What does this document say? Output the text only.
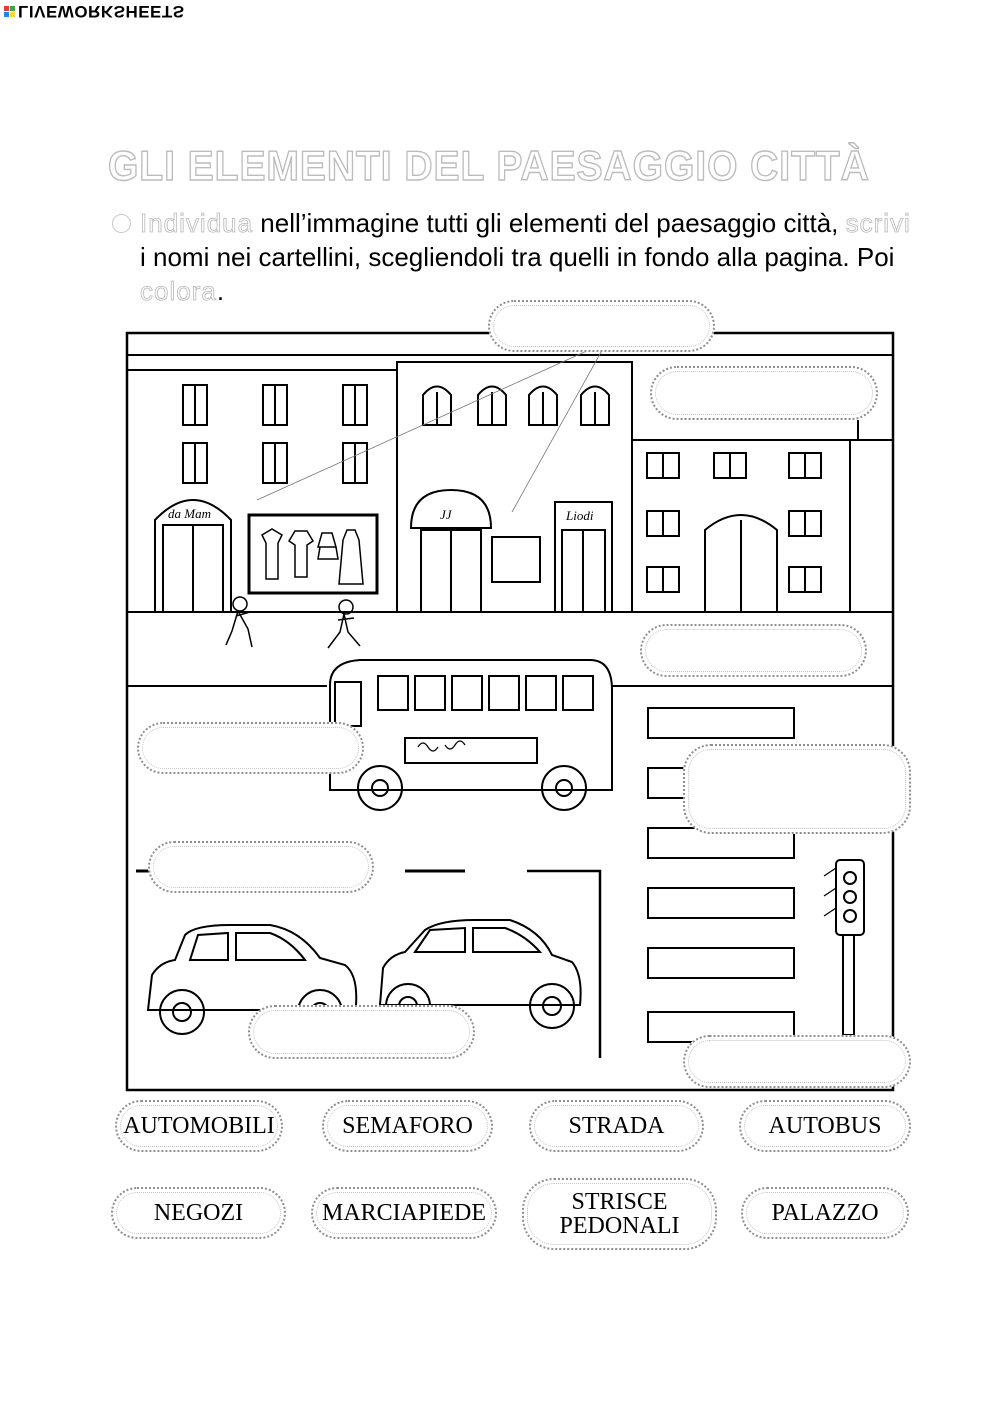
LIVEWORKSHEETS
GLI ELEMENTI DEL PAESAGGIO CITTÀ
Individua nell’immagine tutti gli elementi del paesaggio città, scrivi i nomi nei cartellini, scegliendoli tra quelli in fondo alla pagina. Poi colora.
da Mam	JJ	Liodi
AUTOMOBILI	SEMAFORO	STRADA	AUTOBUS
NEGOZI	MARCIAPIEDE	STRISCE
PEDONALI	PALAZZO
